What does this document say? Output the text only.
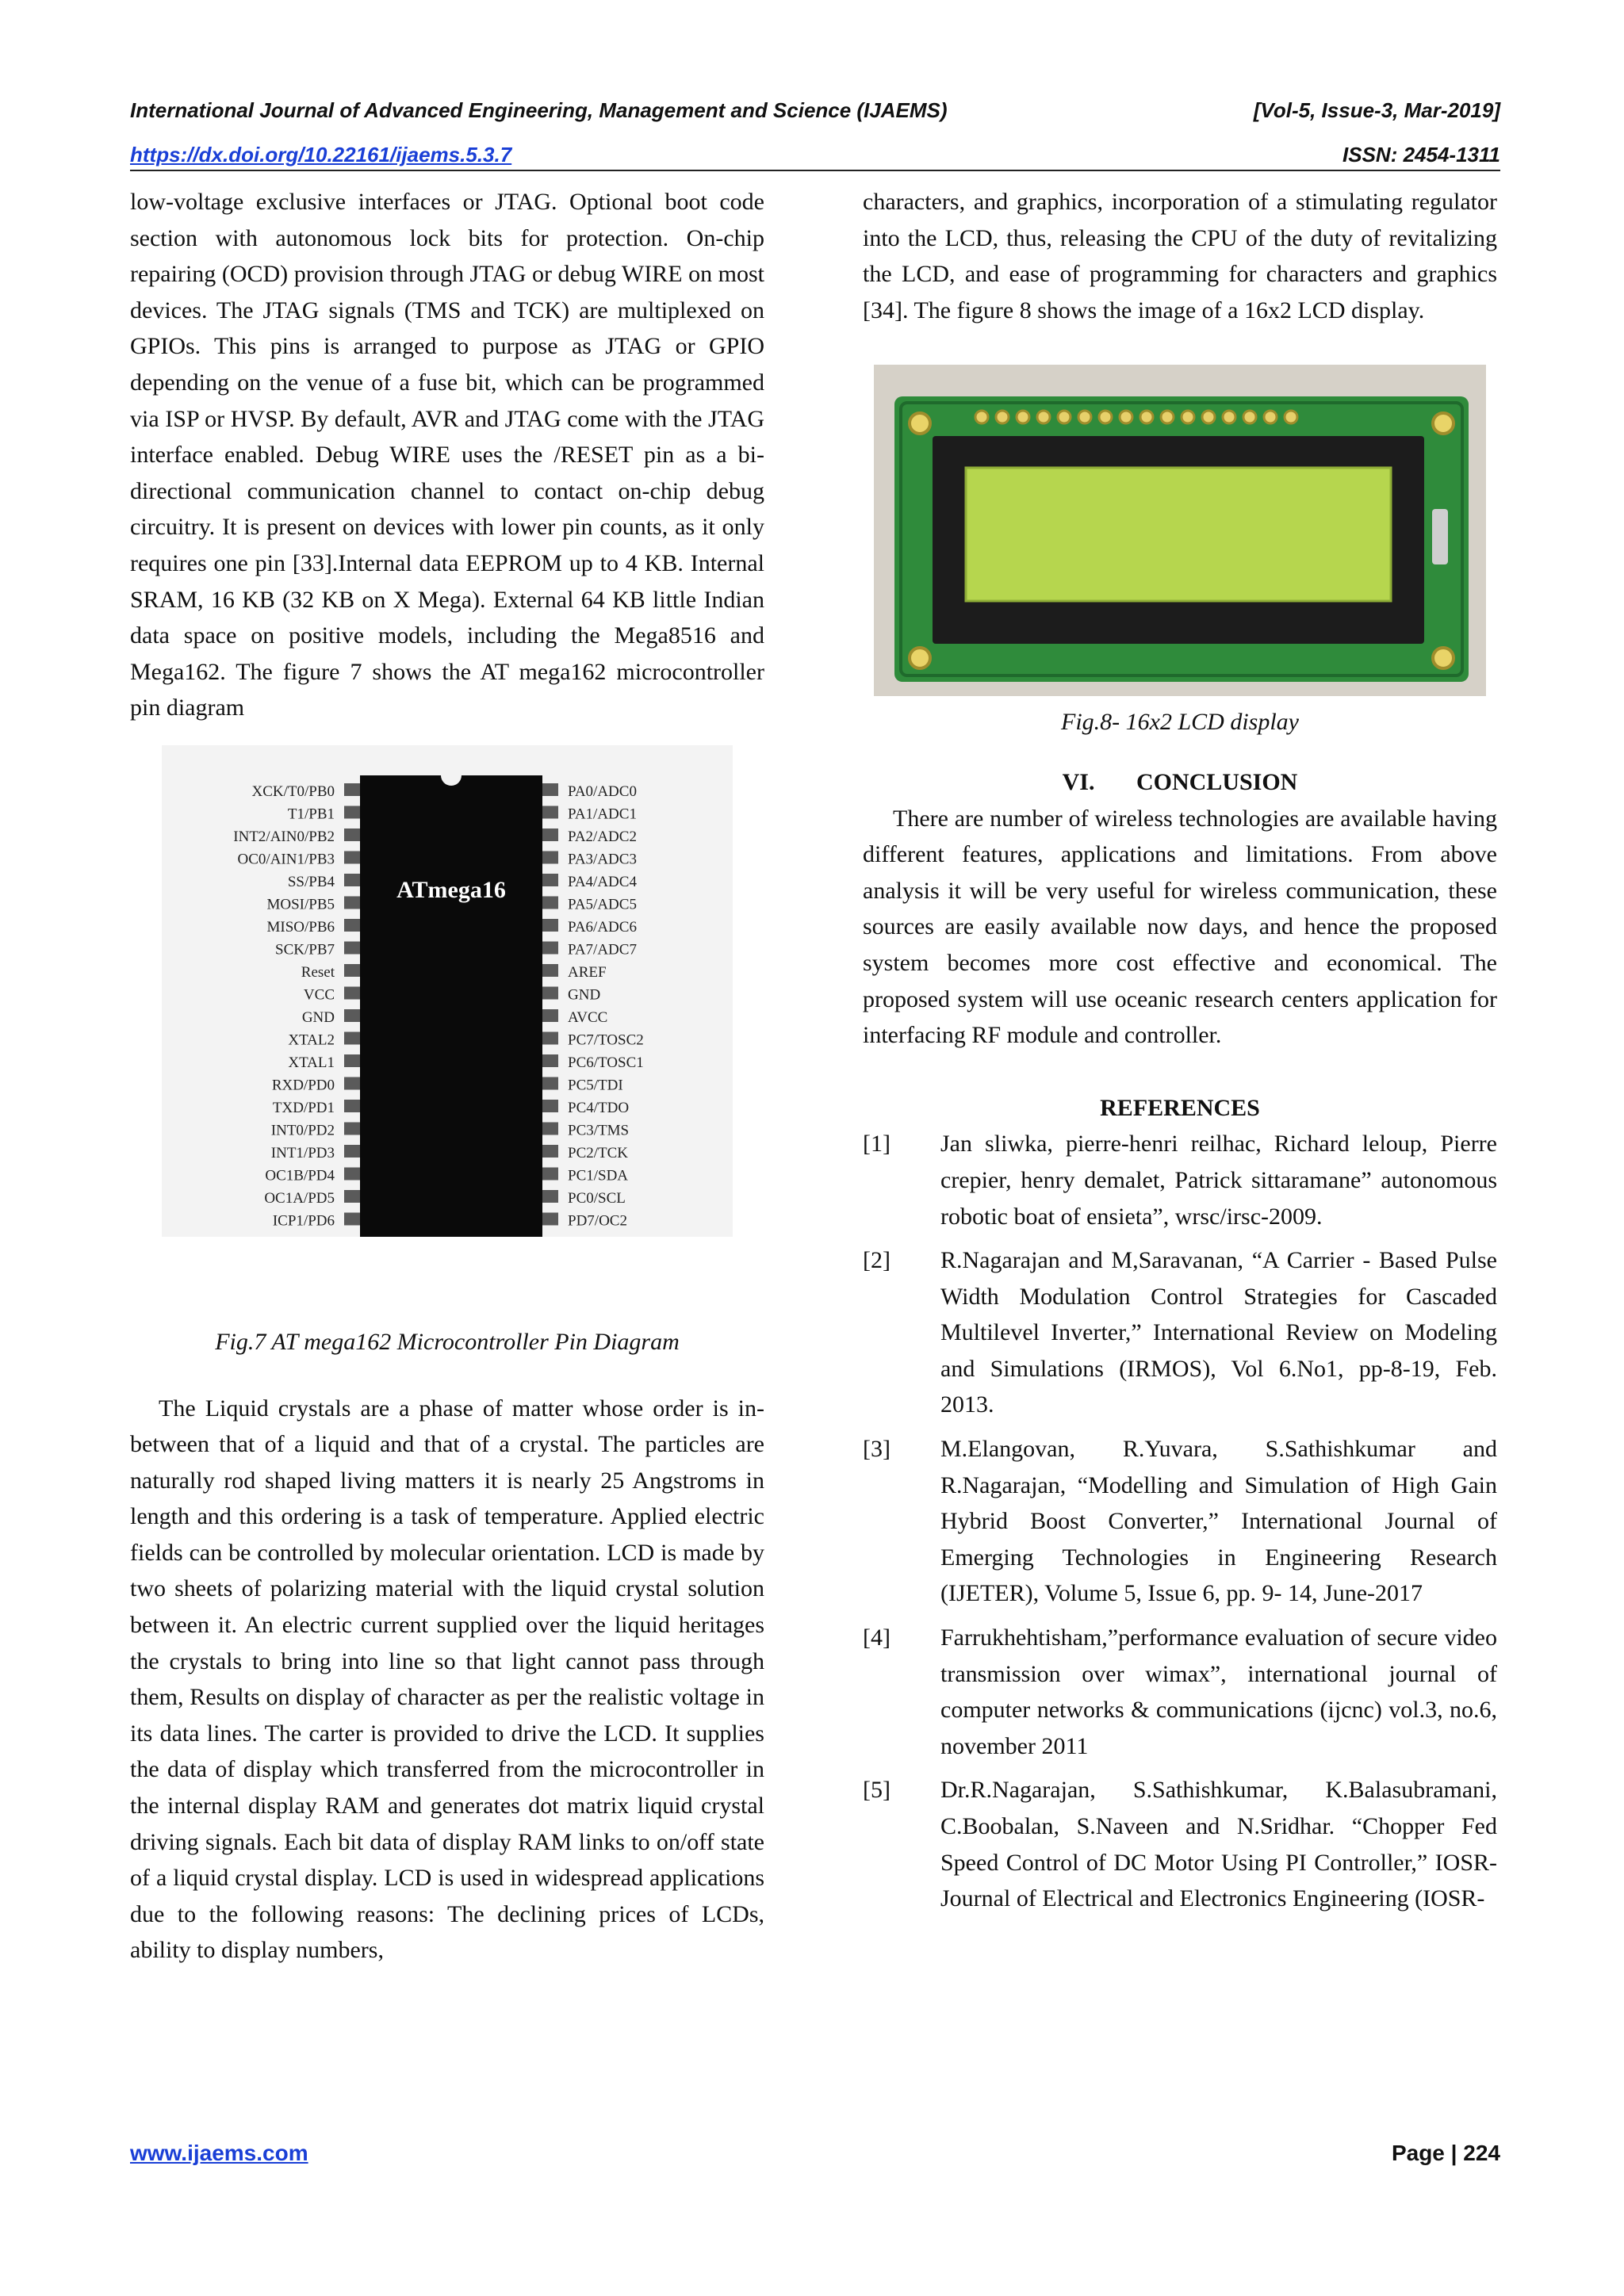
International Journal of Advanced Engineering, Management and Science (IJAEMS)	[Vol-5, Issue-3, Mar-2019]
https://dx.doi.org/10.22161/ijaems.5.3.7	ISSN: 2454-1311

low-voltage exclusive interfaces or JTAG. Optional boot code section with autonomous lock bits for protection. On-chip repairing (OCD) provision through JTAG or debug WIRE on most devices. The JTAG signals (TMS and TCK) are multiplexed on GPIOs. This pins is arranged to purpose as JTAG or GPIO depending on the venue of a fuse bit, which can be programmed via ISP or HVSP. By default, AVR and JTAG come with the JTAG interface enabled. Debug WIRE uses the /RESET pin as a bi-directional communication channel to contact on-chip debug circuitry. It is present on devices with lower pin counts, as it only requires one pin [33].Internal data EEPROM up to 4 KB. Internal SRAM, 16 KB (32 KB on X Mega). External 64 KB little Indian data space on positive models, including the Mega8516 and Mega162. The figure 7 shows the AT mega162 microcontroller pin diagram

ATmega16
XCK/T0/PB0
T1/PB1
INT2/AIN0/PB2
OC0/AIN1/PB3
SS/PB4
MOSI/PB5
MISO/PB6
SCK/PB7
Reset
VCC
GND
XTAL2
XTAL1
RXD/PD0
TXD/PD1
INT0/PD2
INT1/PD3
OC1B/PD4
OC1A/PD5
ICP1/PD6
PA0/ADC0
PA1/ADC1
PA2/ADC2
PA3/ADC3
PA4/ADC4
PA5/ADC5
PA6/ADC6
PA7/ADC7
AREF
GND
AVCC
PC7/TOSC2
PC6/TOSC1
PC5/TDI
PC4/TDO
PC3/TMS
PC2/TCK
PC1/SDA
PC0/SCL
PD7/OC2

Fig.7 AT mega162 Microcontroller Pin Diagram

The Liquid crystals are a phase of matter whose order is in-between that of a liquid and that of a crystal. The particles are naturally rod shaped living matters it is nearly 25 Angstroms in length and this ordering is a task of temperature. Applied electric fields can be controlled by molecular orientation. LCD is made by two sheets of polarizing material with the liquid crystal solution between it. An electric current supplied over the liquid heritages the crystals to bring into line so that light cannot pass through them, Results on display of character as per the realistic voltage in its data lines. The carter is provided to drive the LCD. It supplies the data of display which transferred from the microcontroller in the internal display RAM and generates dot matrix liquid crystal driving signals. Each bit data of display RAM links to on/off state of a liquid crystal display. LCD is used in widespread applications due to the following reasons: The declining prices of LCDs, ability to display numbers,

characters, and graphics, incorporation of a stimulating regulator into the LCD, thus, releasing the CPU of the duty of revitalizing the LCD, and ease of programming for characters and graphics [34]. The figure 8 shows the image of a 16x2 LCD display.

Fig.8- 16x2 LCD display

VI.       CONCLUSION

There are number of wireless technologies are available having different features, applications and limitations. From above analysis it will be very useful for wireless communication, these sources are easily available now days, and hence the proposed system becomes more cost effective and economical. The proposed system will use oceanic research centers application for interfacing RF module and controller.

REFERENCES

[1]	Jan sliwka, pierre-henri reilhac, Richard leloup, Pierre crepier, henry demalet, Patrick sittaramane” autonomous robotic boat of ensieta”, wrsc/irsc-2009.
[2]	R.Nagarajan and M,Saravanan, “A Carrier - Based Pulse Width Modulation Control Strategies for Cascaded Multilevel Inverter,” International Review on Modeling and Simulations (IRMOS), Vol 6.No1, pp-8-19, Feb. 2013.
[3]	M.Elangovan, R.Yuvara, S.Sathishkumar and R.Nagarajan, “Modelling and Simulation of High Gain Hybrid Boost Converter,” International Journal of Emerging Technologies in Engineering Research (IJETER), Volume 5, Issue 6, pp. 9- 14, June-2017
[4]	Farrukhehtisham,”performance evaluation of secure video transmission over wimax”, international journal of computer networks & communications (ijcnc) vol.3, no.6, november 2011
[5]	Dr.R.Nagarajan, S.Sathishkumar, K.Balasubramani, C.Boobalan, S.Naveen and N.Sridhar. “Chopper Fed Speed Control of DC Motor Using PI Controller,” IOSR- Journal of Electrical and Electronics Engineering (IOSR-
www.ijaems.com	Page | 224
